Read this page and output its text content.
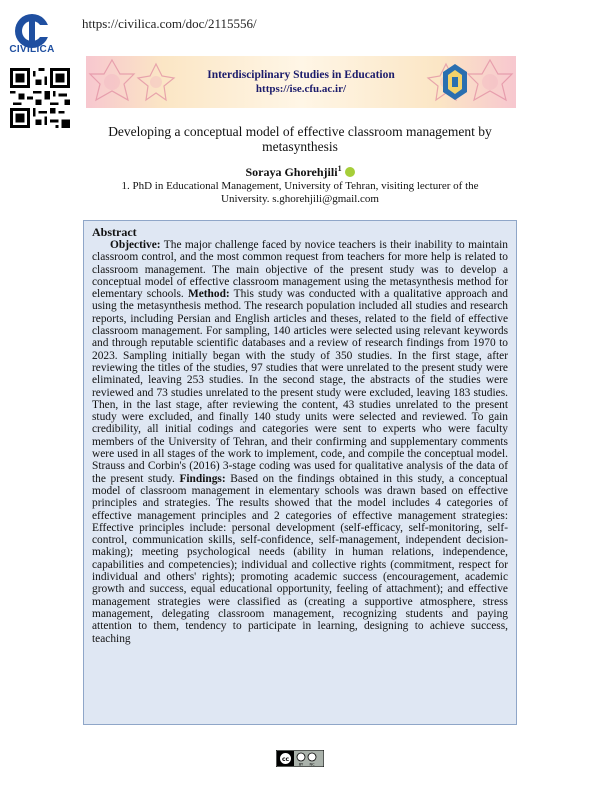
CIVILICA
https://civilica.com/doc/2115556/
Interdisciplinary Studies in Education
https://ise.cfu.ac.ir/
Developing a conceptual model of effective classroom management by metasynthesis
Soraya Ghorehjili$^1$
1. PhD in Educational Management, University of Tehran, visiting lecturer of the University. s.ghorehjili@gmail.com
Abstract

Objective: The major challenge faced by novice teachers is their inability to maintain classroom control, and the most common request from teachers for more help is related to classroom management. The main objective of the present study was to develop a conceptual model of effective classroom management using the metasynthesis method for elementary schools. Method: This study was conducted with a qualitative approach and using the metasynthesis method. The research population included all studies and research reports, including Persian and English articles and theses, related to the field of effective classroom management. For sampling, 140 articles were selected using relevant keywords and through reputable scientific databases and a review of research findings from 1970 to 2023. Sampling initially began with the study of 350 studies. In the first stage, after reviewing the titles of the studies, 97 studies that were unrelated to the present study were eliminated, leaving 253 studies. In the second stage, the abstracts of the studies were reviewed and 73 studies unrelated to the present study were excluded, leaving 183 studies. Then, in the last stage, after reviewing the content, 43 studies unrelated to the present study were excluded, and finally 140 study units were selected and reviewed. To gain credibility, all initial codings and categories were sent to experts who were faculty members of the University of Tehran, and their confirming and supplementary comments were used in all stages of the work to implement, code, and compile the conceptual model. Strauss and Corbin's (2016) 3-stage coding was used for qualitative analysis of the data of the present study. Findings: Based on the findings obtained in this study, a conceptual model of classroom management in elementary schools was drawn based on effective principles and strategies. The results showed that the model includes 4 categories of effective management principles and 2 categories of effective management strategies: Effective principles include: personal development (self-efficacy, self-monitoring, self-control, communication skills, self-confidence, self-management, independent decision-making); meeting psychological needs (ability in human relations, independence, capabilities and competencies); individual and collective rights (commitment, respect for individual and others' rights); promoting academic success (encouragement, academic growth and success, equal educational opportunity, feeling of attachment); and effective management strategies were classified as (creating a supportive atmosphere, stress management, delegating classroom management, recognizing students and paying attention to them, tendency to participate in learning, designing to achieve success, teaching

cc
BY NC
